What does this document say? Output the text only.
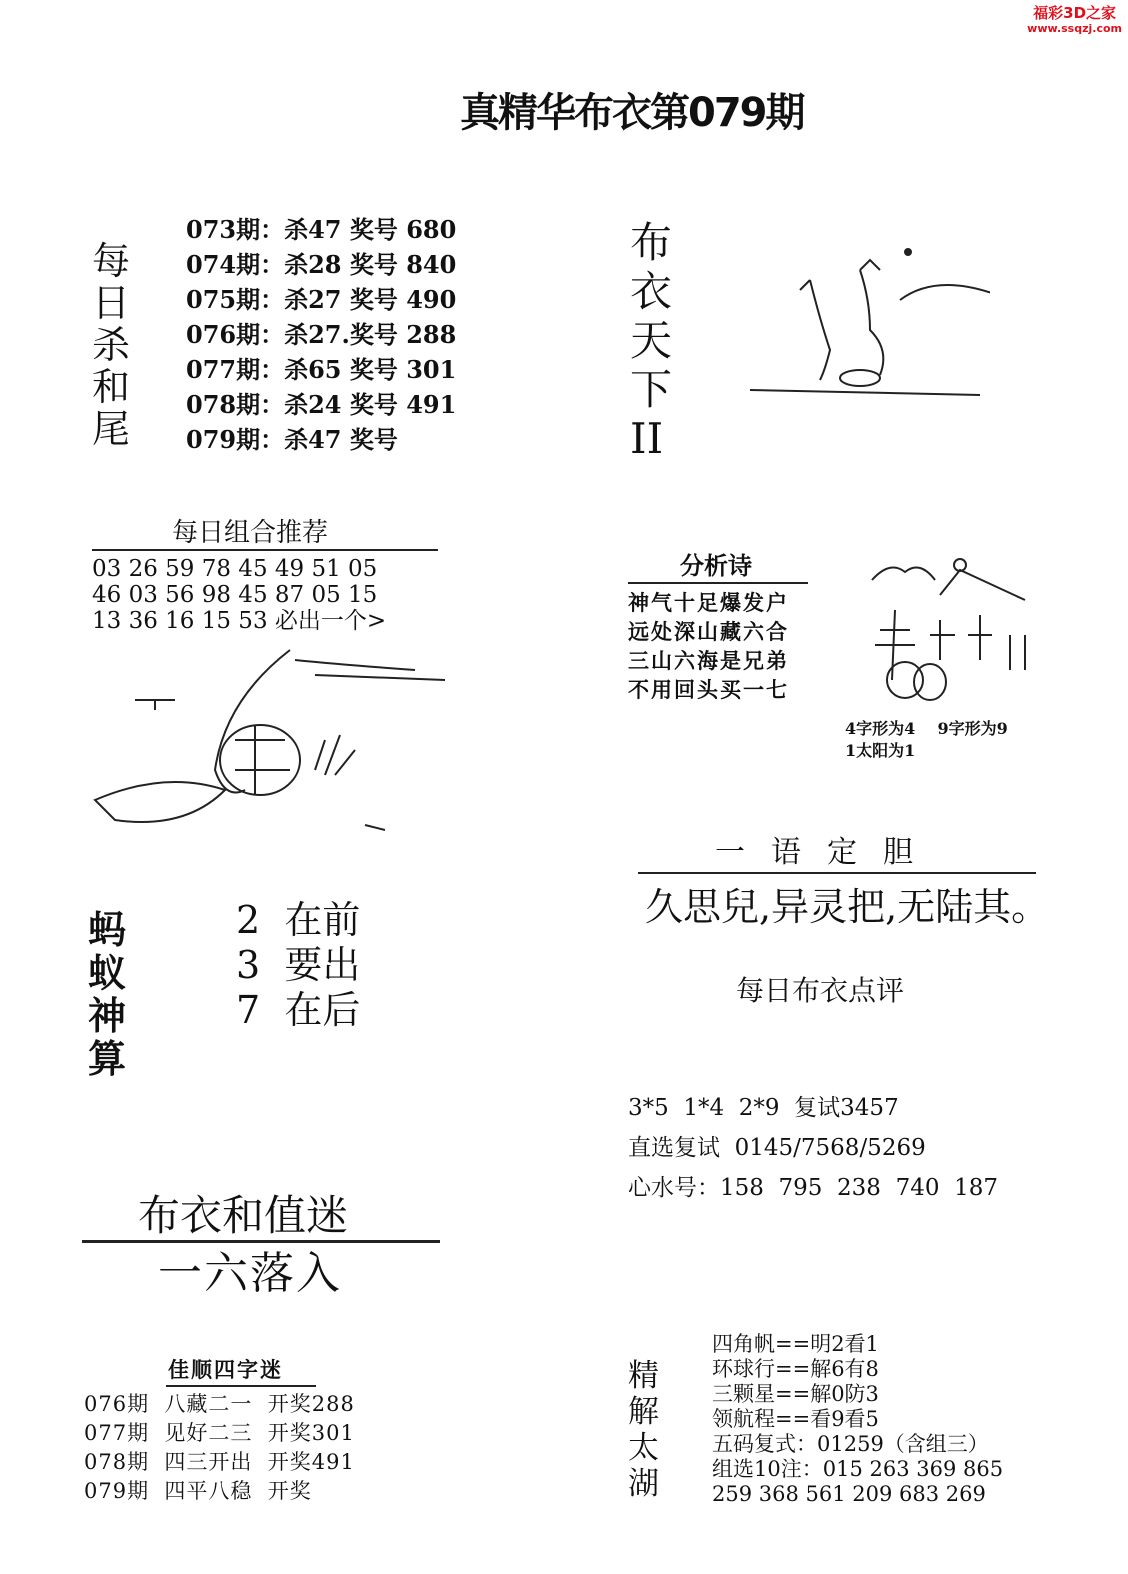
福彩3D之家
www.ssqzj.com
真精华布衣第079期
每
日
杀
和
尾
073期：杀47 奖号 680
074期：杀28 奖号 840
075期：杀27 奖号 490
076期：杀27.奖号 288
077期：杀65 奖号 301
078期：杀24 奖号 491
079期：杀47 奖号
布
衣
天
下
II
每日组合推荐
03 26 59 78 45 49 51 05
46 03 56 98 45 87 05 15
13 36 16 15 53 必出一个>
分析诗
神气十足爆发户
远处深山藏六合
三山六海是兄弟
不用回头买一七
4字形为4    9字形为9
1太阳为1
蚂
蚁
神
算
2  在前
3  要出
7  在后
一语定胆
久思兒,异灵把,无陆其。
每日布衣点评
3*5  1*4  2*9  复试3457
直选复试  0145/7568/5269
心水号：158  795  238  740  187
布衣和值迷
一六落入
佳顺四字迷
076期  八藏二一  开奖288
077期  见好二三  开奖301
078期  四三开出  开奖491
079期  四平八稳  开奖
精
解
太
湖
四角帆==明2看1
环球行==解6有8
三颗星==解0防3
领航程==看9看5
五码复式：01259（含组三）
组选10注：015 263 369 865
259 368 561 209 683 269
